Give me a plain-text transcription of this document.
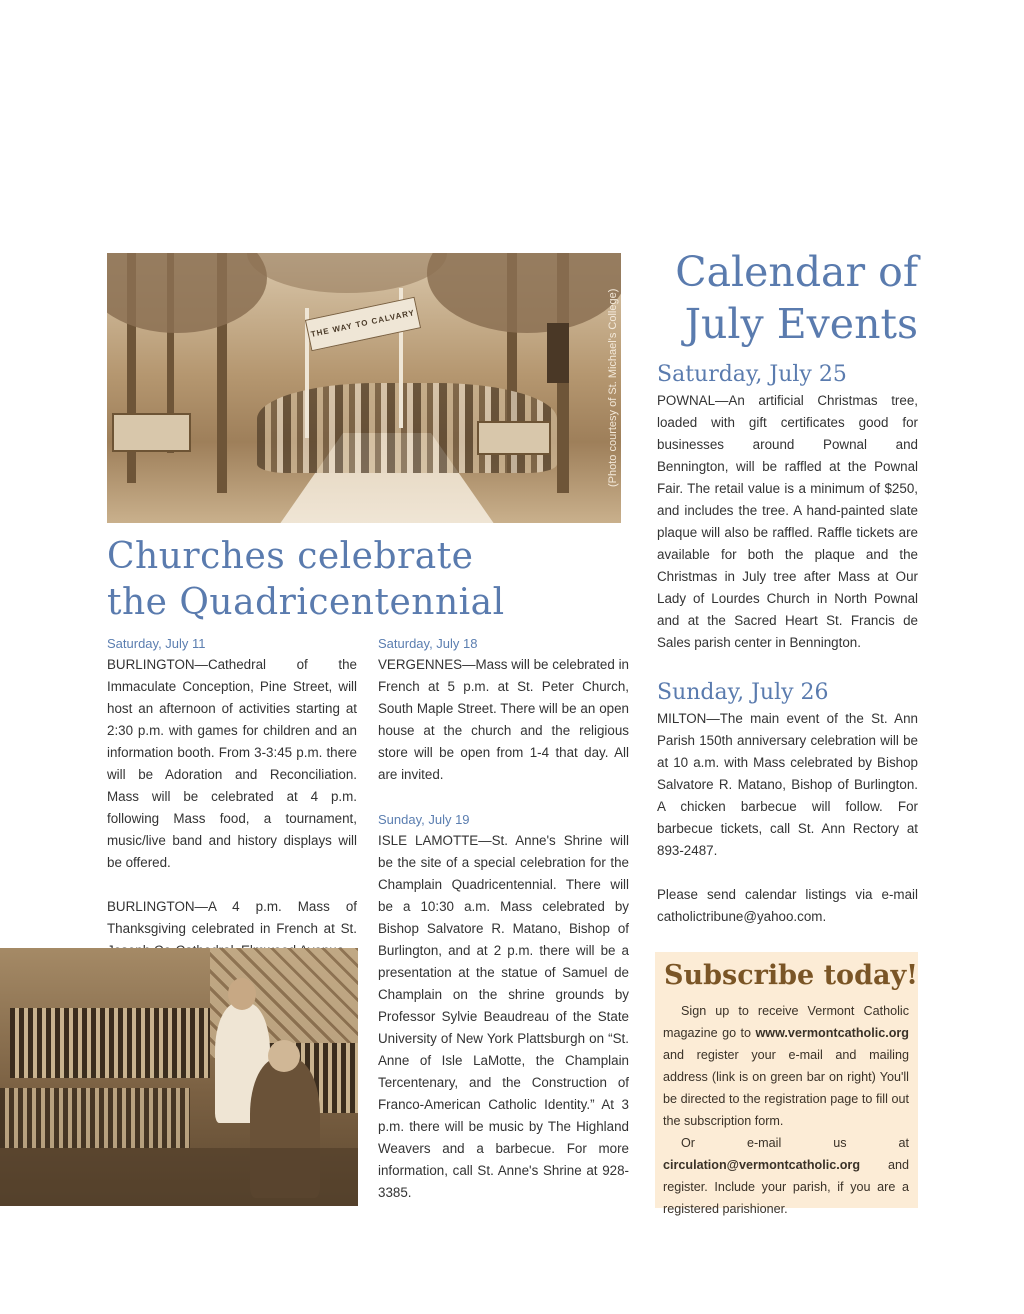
THE WAY TO CALVARY	(Photo courtesy of St. Michael's College)
Churches celebrate
the Quadricentennial
Saturday, July 11

BURLINGTON—Cathedral of the Immaculate Conception, Pine Street, will host an afternoon of activities starting at 2:30 p.m. with games for children and an information booth. From 3-3:45 p.m. there will be Adoration and Reconciliation. Mass will be celebrated at 4 p.m. following Mass food, a tournament, music/live band and history displays will be offered.

BURLINGTON—A 4 p.m. Mass of Thanksgiving celebrated in French at St.

Saturday, July 18

VERGENNES—Mass will be celebrated in French at 5 p.m. at St. Peter Church, South Maple Street. There will be an open house at the church and the religious store will be open from 1-4 that day. All are invited.

Sunday, July 19

ISLE LAMOTTE—St. Anne's Shrine will be the site of a special celebration for the Champlain Quadricentennial. There will be a 10:30 a.m. Mass celebrated by Bishop Salvatore R. Matano, Bishop of Burlington, and at 2 p.m. there will be a presentation at the statue of Samuel de Champlain on the shrine grounds by Professor Sylvie Beaudreau of the State University of New York Plattsburgh on “St. Anne of Isle LaMotte, the Champlain Tercentenary, and the Construction of Franco-American Catholic Identity.” At 3 p.m. there will be music by The Highland Weavers and a barbecue. For more information, call St. Anne's Shrine at 928-3385.

Calendar of
July Events
Saturday, July 25

POWNAL—An artificial Christmas tree, loaded with gift certificates good for businesses around Pownal and Bennington, will be raffled at the Pownal Fair. The retail value is a minimum of $250, and includes the tree. A hand-painted slate plaque will also be raffled. Raffle tickets are available for both the plaque and the Christmas in July tree after Mass at Our Lady of Lourdes Church in North Pownal and at the Sacred Heart St. Francis de Sales parish center in Bennington.

Sunday, July 26

MILTON—The main event of the St. Ann Parish 150th anniversary celebration will be at 10 a.m. with Mass celebrated by Bishop Salvatore R. Matano, Bishop of Burlington. A chicken barbecue will follow. For barbecue tickets, call St. Ann Rectory at 893-2487.

Please send calendar listings via e-mail catholictribune@yahoo.com.

Subscribe today!

Sign up to receive Vermont Catholic magazine go to www.vermontcatholic.org and register your e-mail and mailing address (link is on green bar on right) You'll be directed to the registration page to fill out the subscription form.

Or e-mail us at circulation@vermontcatholic.org and register. Include your parish, if you are a registered parishioner.
